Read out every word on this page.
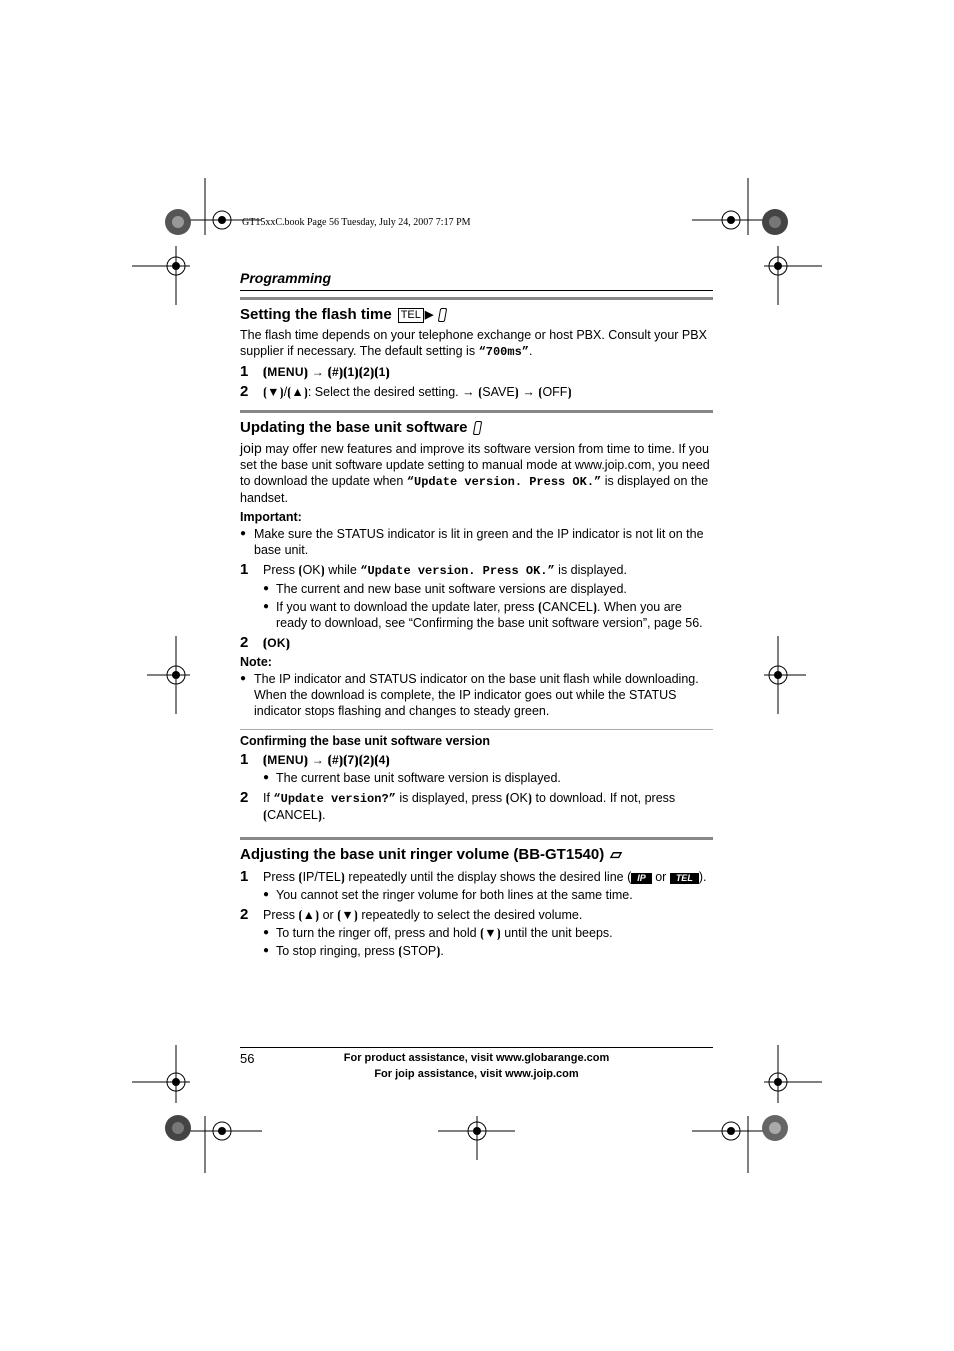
GT15xxC.book Page 56 Tuesday, July 24, 2007 7:17 PM
Programming
Setting the flash time TEL ▶

The flash time depends on your telephone exchange or host PBX. Consult your PBX supplier if necessary. The default setting is “700ms”.

1	⦗MENU⦘ → ⦗#⦘⦗1⦘⦗2⦘⦗1⦘
2	⦗▼⦘/⦗▲⦘: Select the desired setting. → ⦗SAVE⦘ → ⦗OFF⦘
Updating the base unit software

joip may offer new features and improve its software version from time to time. If you set the base unit software update setting to manual mode at www.joip.com, you need to download the update when “Update version. Press OK.” is displayed on the handset.

Important:
● Make sure the STATUS indicator is lit in green and the IP indicator is not lit on the base unit.
1	Press ⦗OK⦘ while “Update version. Press OK.” is displayed.
● The current and new base unit software versions are displayed.
● If you want to download the update later, press ⦗CANCEL⦘. When you are ready to download, see “Confirming the base unit software version”, page 56.
2	⦗OK⦘
Note:
● The IP indicator and STATUS indicator on the base unit flash while downloading. When the download is complete, the IP indicator goes out while the STATUS indicator stops flashing and changes to steady green.
Confirming the base unit software version
1	⦗MENU⦘ → ⦗#⦘⦗7⦘⦗2⦘⦗4⦘
● The current base unit software version is displayed.
2	If “Update version?” is displayed, press ⦗OK⦘ to download. If not, press ⦗CANCEL⦘.
Adjusting the base unit ringer volume (BB-GT1540) ▱
1	Press ⦗IP/TEL⦘ repeatedly until the display shows the desired line ( IP or TEL ).
● You cannot set the ringer volume for both lines at the same time.
2	Press ⦗▲⦘ or ⦗▼⦘ repeatedly to select the desired volume.
● To turn the ringer off, press and hold ⦗▼⦘ until the unit beeps.
● To stop ringing, press ⦗STOP⦘.
56	For product assistance, visit www.globarange.com
For joip assistance, visit www.joip.com
